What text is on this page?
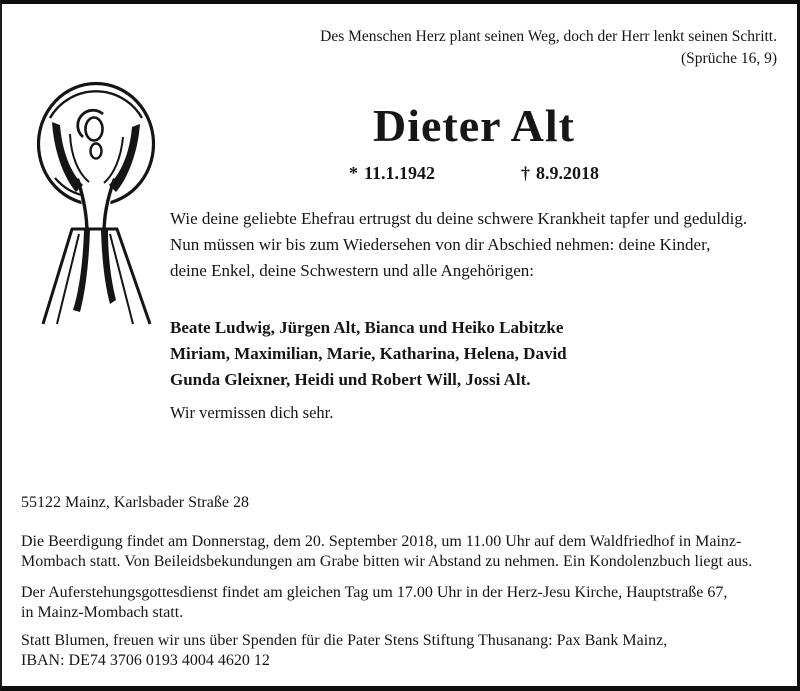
Des Menschen Herz plant seinen Weg, doch der Herr lenkt seinen Schritt.
(Sprüche 16, 9)
Dieter Alt
* 11.1.1942	† 8.9.2018
Wie deine geliebte Ehefrau ertrugst du deine schwere Krankheit tapfer und geduldig.
Nun müssen wir bis zum Wiedersehen von dir Abschied nehmen: deine Kinder,
deine Enkel, deine Schwestern und alle Angehörigen:
Beate Ludwig, Jürgen Alt, Bianca und Heiko Labitzke
Miriam, Maximilian, Marie, Katharina, Helena, David
Gunda Gleixner, Heidi und Robert Will, Jossi Alt.
Wir vermissen dich sehr.
55122 Mainz, Karlsbader Straße 28
Die Beerdigung findet am Donnerstag, dem 20. September 2018, um 11.00 Uhr auf dem Waldfriedhof in Mainz-
Mombach statt. Von Beileidsbekundungen am Grabe bitten wir Abstand zu nehmen. Ein Kondolenzbuch liegt aus.
Der Auferstehungsgottesdienst findet am gleichen Tag um 17.00 Uhr in der Herz-Jesu Kirche, Hauptstraße 67,
in Mainz-Mombach statt.
Statt Blumen, freuen wir uns über Spenden für die Pater Stens Stiftung Thusanang: Pax Bank Mainz,
IBAN: DE74 3706 0193 4004 4620 12
